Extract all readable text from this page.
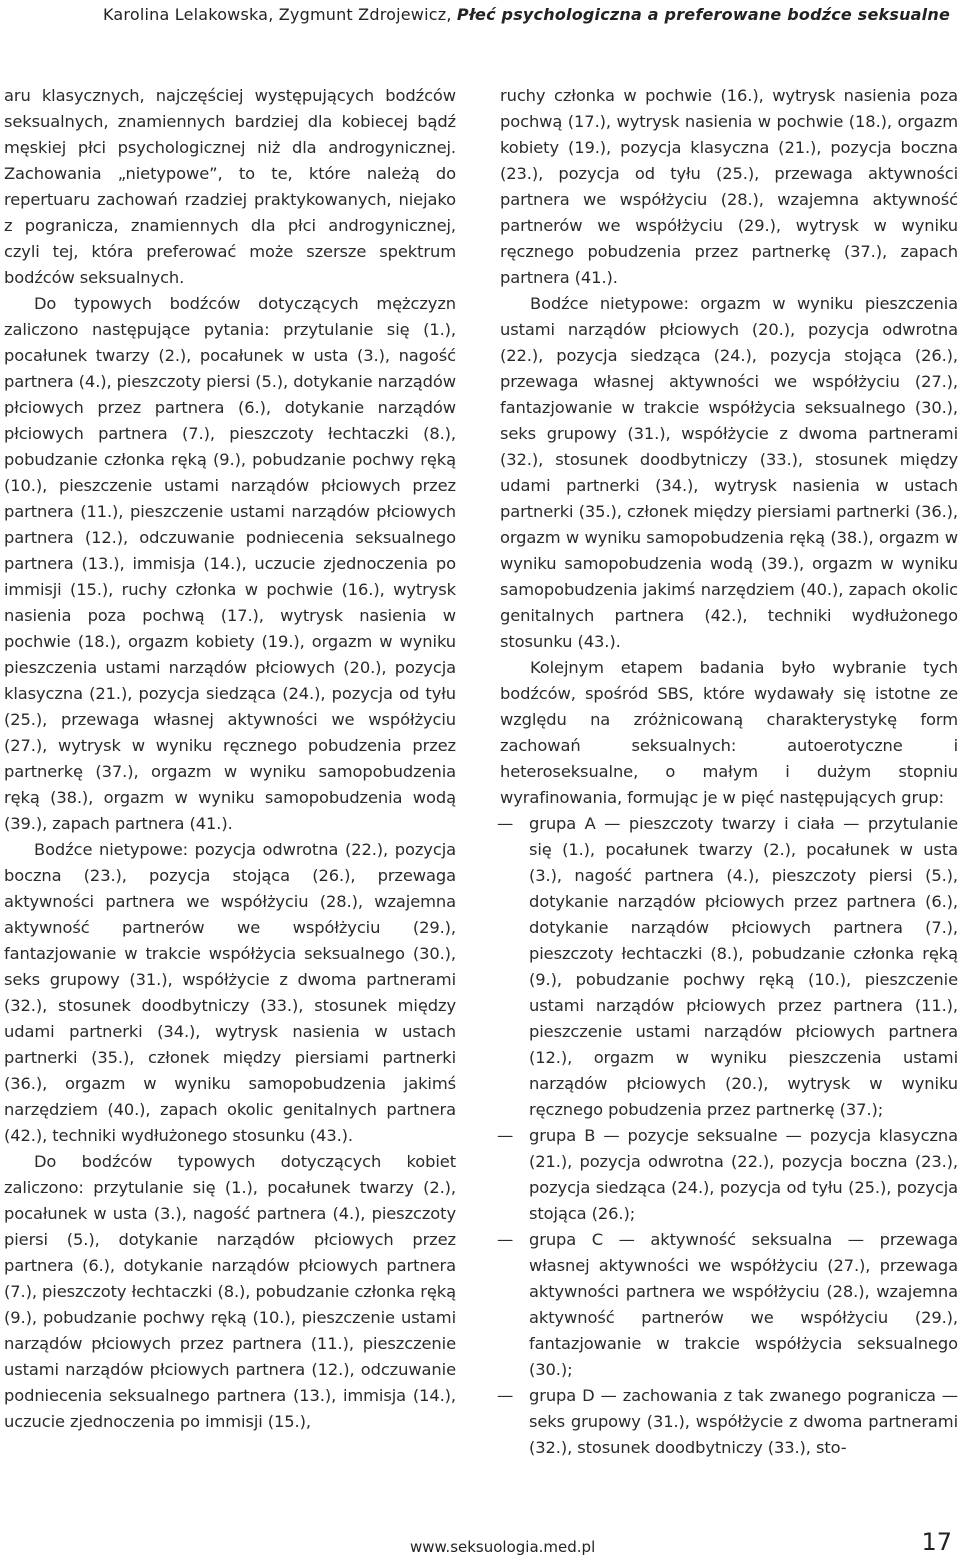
Karolina Lelakowska, Zygmunt Zdrojewicz, Płeć psychologiczna a preferowane bodźce seksualne

aru klasycznych, najczęściej występujących bodźców seksualnych, znamiennych bardziej dla kobiecej bądź męskiej płci psychologicznej niż dla androgynicznej. Zachowania „nietypowe”, to te, które należą do repertuaru zachowań rzadziej praktykowanych, niejako z pogranicza, znamiennych dla płci androgynicznej, czyli tej, która preferować może szersze spektrum bodźców seksualnych.

Do typowych bodźców dotyczących mężczyzn zaliczono następujące pytania: przytulanie się (1.), pocałunek twarzy (2.), pocałunek w usta (3.), nagość partnera (4.), pieszczoty piersi (5.), dotykanie narządów płciowych przez partnera (6.), dotykanie narządów płciowych partnera (7.), pieszczoty łechtaczki (8.), pobudzanie członka ręką (9.), pobudzanie pochwy ręką (10.), pieszczenie ustami narządów płciowych przez partnera (11.), pieszczenie ustami narządów płciowych partnera (12.), odczuwanie podniecenia seksualnego partnera (13.), immisja (14.), uczucie zjednoczenia po immisji (15.), ruchy członka w pochwie (16.), wytrysk nasienia poza pochwą (17.), wytrysk nasienia w pochwie (18.), orgazm kobiety (19.), orgazm w wyniku pieszczenia ustami narządów płciowych (20.), pozycja klasyczna (21.), pozycja siedząca (24.), pozycja od tyłu (25.), przewaga własnej aktywności we współżyciu (27.), wytrysk w wyniku ręcznego pobudzenia przez partnerkę (37.), orgazm w wyniku samopobudzenia ręką (38.), orgazm w wyniku samopobudzenia wodą (39.), zapach partnera (41.).

Bodźce nietypowe: pozycja odwrotna (22.), pozycja boczna (23.), pozycja stojąca (26.), przewaga aktywności partnera we współżyciu (28.), wzajemna aktywność partnerów we współżyciu (29.), fantazjowanie w trakcie współżycia seksualnego (30.), seks grupowy (31.), współżycie z dwoma partnerami (32.), stosunek doodbytniczy (33.), stosunek między udami partnerki (34.), wytrysk nasienia w ustach partnerki (35.), członek między piersiami partnerki (36.), orgazm w wyniku samopobudzenia jakimś narzędziem (40.), zapach okolic genitalnych partnera (42.), techniki wydłużonego stosunku (43.).

Do bodźców typowych dotyczących kobiet zaliczono: przytulanie się (1.), pocałunek twarzy (2.), pocałunek w usta (3.), nagość partnera (4.), pieszczoty piersi (5.), dotykanie narządów płciowych przez partnera (6.), dotykanie narządów płciowych partnera (7.), pieszczoty łechtaczki (8.), pobudzanie członka ręką (9.), pobudzanie pochwy ręką (10.), pieszczenie ustami narządów płciowych przez partnera (11.), pieszczenie ustami narządów płciowych partnera (12.), odczuwanie podniecenia seksualnego partnera (13.), immisja (14.), uczucie zjednoczenia po immisji (15.),

ruchy członka w pochwie (16.), wytrysk nasienia poza pochwą (17.), wytrysk nasienia w pochwie (18.), orgazm kobiety (19.), pozycja klasyczna (21.), pozycja boczna (23.), pozycja od tyłu (25.), przewaga aktywności partnera we współżyciu (28.), wzajemna aktywność partnerów we współżyciu (29.), wytrysk w wyniku ręcznego pobudzenia przez partnerkę (37.), zapach partnera (41.).

Bodźce nietypowe: orgazm w wyniku pieszczenia ustami narządów płciowych (20.), pozycja odwrotna (22.), pozycja siedząca (24.), pozycja stojąca (26.), przewaga własnej aktywności we współżyciu (27.), fantazjowanie w trakcie współżycia seksualnego (30.), seks grupowy (31.), współżycie z dwoma partnerami (32.), stosunek doodbytniczy (33.), stosunek między udami partnerki (34.), wytrysk nasienia w ustach partnerki (35.), członek między piersiami partnerki (36.), orgazm w wyniku samopobudzenia ręką (38.), orgazm w wyniku samopobudzenia wodą (39.), orgazm w wyniku samopobudzenia jakimś narzędziem (40.), zapach okolic genitalnych partnera (42.), techniki wydłużonego stosunku (43.).

Kolejnym etapem badania było wybranie tych bodźców, spośród SBS, które wydawały się istotne ze względu na zróżnicowaną charakterystykę form zachowań seksualnych: autoerotyczne i heteroseksualne, o małym i dużym stopniu wyrafinowania, formując je w pięć następujących grup:

— grupa A — pieszczoty twarzy i ciała — przytulanie się (1.), pocałunek twarzy (2.), pocałunek w usta (3.), nagość partnera (4.), pieszczoty piersi (5.), dotykanie narządów płciowych przez partnera (6.), dotykanie narządów płciowych partnera (7.), pieszczoty łechtaczki (8.), pobudzanie członka ręką (9.), pobudzanie pochwy ręką (10.), pieszczenie ustami narządów płciowych przez partnera (11.), pieszczenie ustami narządów płciowych partnera (12.), orgazm w wyniku pieszczenia ustami narządów płciowych (20.), wytrysk w wyniku ręcznego pobudzenia przez partnerkę (37.);
— grupa B — pozycje seksualne — pozycja klasyczna (21.), pozycja odwrotna (22.), pozycja boczna (23.), pozycja siedząca (24.), pozycja od tyłu (25.), pozycja stojąca (26.);
— grupa C — aktywność seksualna — przewaga własnej aktywności we współżyciu (27.), przewaga aktywności partnera we współżyciu (28.), wzajemna aktywność partnerów we współżyciu (29.), fantazjowanie w trakcie współżycia seksualnego (30.);
— grupa D — zachowania z tak zwanego pogranicza — seks grupowy (31.), współżycie z dwoma partnerami (32.), stosunek doodbytniczy (33.), sto-
www.seksuologia.med.pl	17
